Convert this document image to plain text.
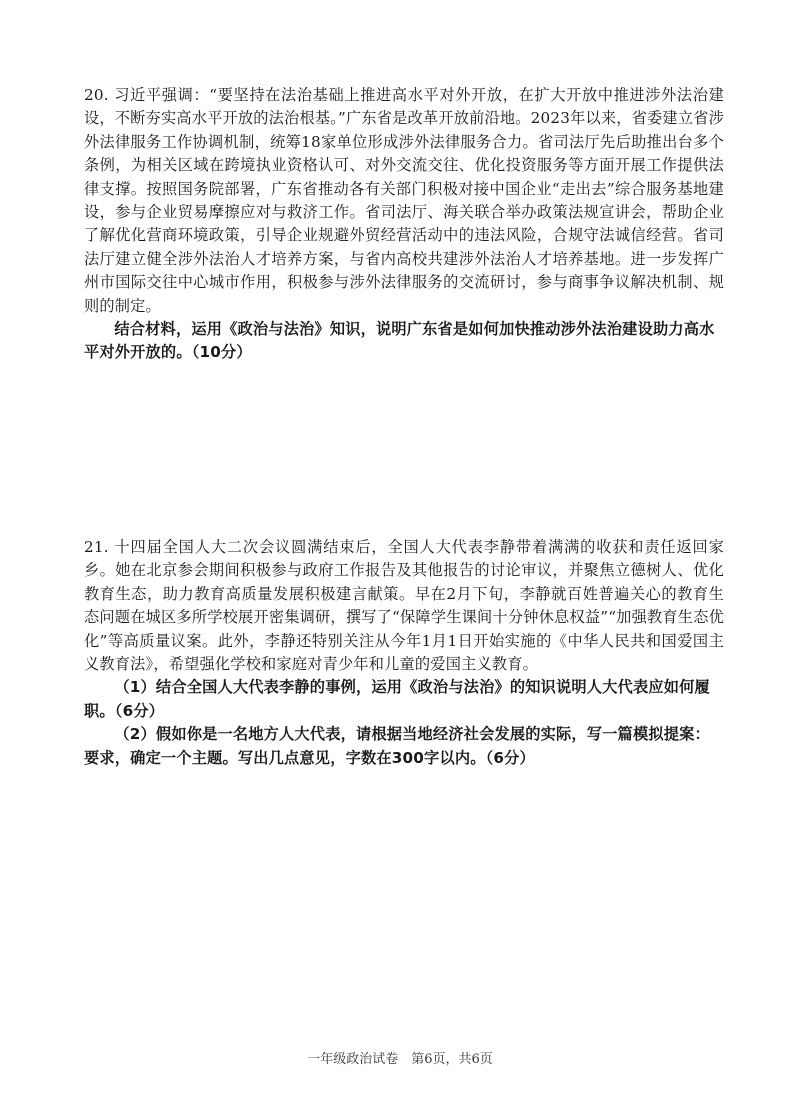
20. 习近平强调：“要坚持在法治基础上推进高水平对外开放，在扩大开放中推进涉外法治建设，不断夯实高水平开放的法治根基。”广东省是改革开放前沿地。2023年以来，省委建立省涉外法律服务工作协调机制，统筹18家单位形成涉外法律服务合力。省司法厅先后助推出台多个条例，为相关区域在跨境执业资格认可、对外交流交往、优化投资服务等方面开展工作提供法律支撑。按照国务院部署，广东省推动各有关部门积极对接中国企业“走出去”综合服务基地建设，参与企业贸易摩擦应对与救济工作。省司法厅、海关联合举办政策法规宣讲会，帮助企业了解优化营商环境政策，引导企业规避外贸经营活动中的违法风险，合规守法诚信经营。省司法厅建立健全涉外法治人才培养方案，与省内高校共建涉外法治人才培养基地。进一步发挥广州市国际交往中心城市作用，积极参与涉外法律服务的交流研讨，参与商事争议解决机制、规则的制定。

结合材料，运用《政治与法治》知识，说明广东省是如何加快推动涉外法治建设助力高水平对外开放的。（10分）

21. 十四届全国人大二次会议圆满结束后，全国人大代表李静带着满满的收获和责任返回家乡。她在北京参会期间积极参与政府工作报告及其他报告的讨论审议，并聚焦立德树人、优化教育生态，助力教育高质量发展积极建言献策。早在2月下旬，李静就百姓普遍关心的教育生态问题在城区多所学校展开密集调研，撰写了“保障学生课间十分钟休息权益”“加强教育生态优化”等高质量议案。此外，李静还特别关注从今年1月1日开始实施的《中华人民共和国爱国主义教育法》，希望强化学校和家庭对青少年和儿童的爱国主义教育。

（1）结合全国人大代表李静的事例，运用《政治与法治》的知识说明人大代表应如何履职。（6分）

（2）假如你是一名地方人大代表，请根据当地经济社会发展的实际，写一篇模拟提案：要求，确定一个主题。写出几点意见，字数在300字以内。（6分）

一年级政治试卷　第6页，共6页
